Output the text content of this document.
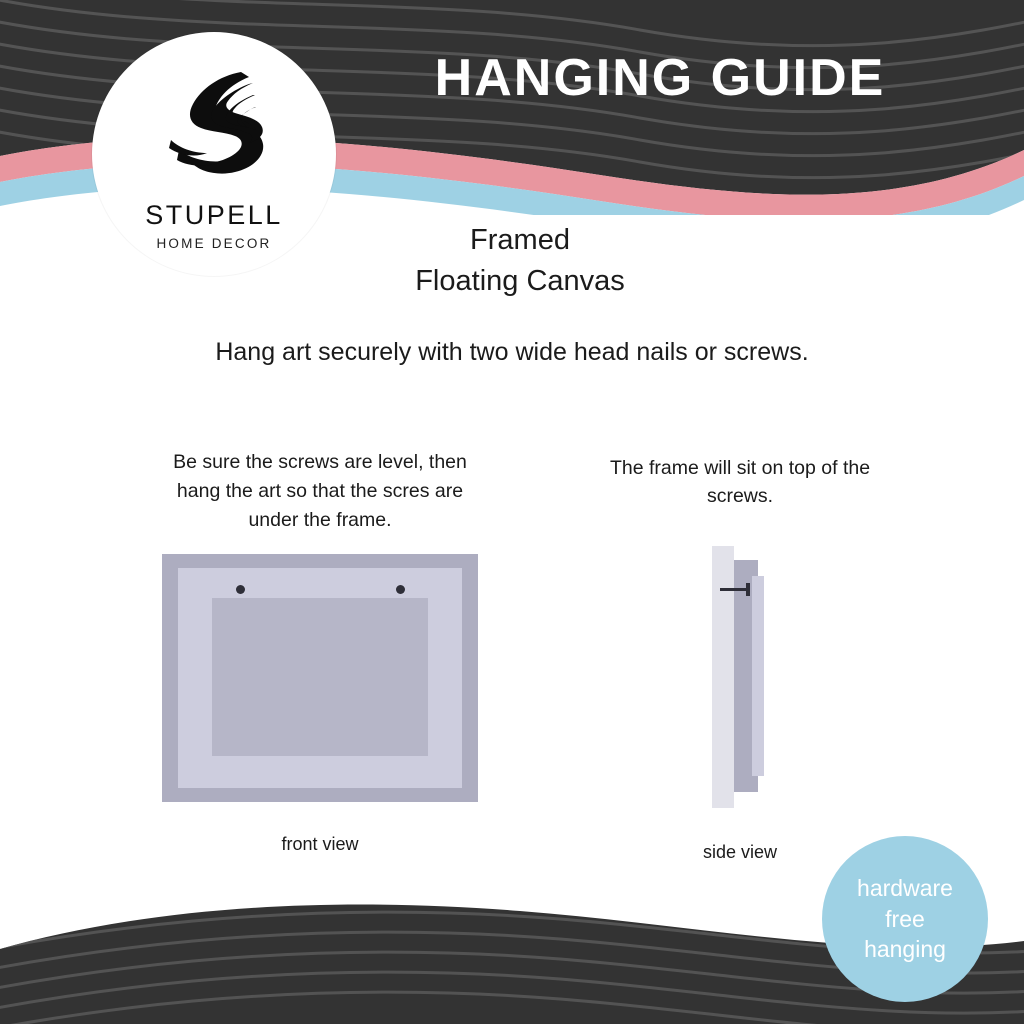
STUPELL
HOME DECOR
HANGING GUIDE
Framed
Floating Canvas
Hang art securely with two wide head nails or screws.
Be sure the screws are level, then hang the art so that the scres are under the frame.
The frame will sit on top of the screws.
front view	side view
hardware
free
hanging
